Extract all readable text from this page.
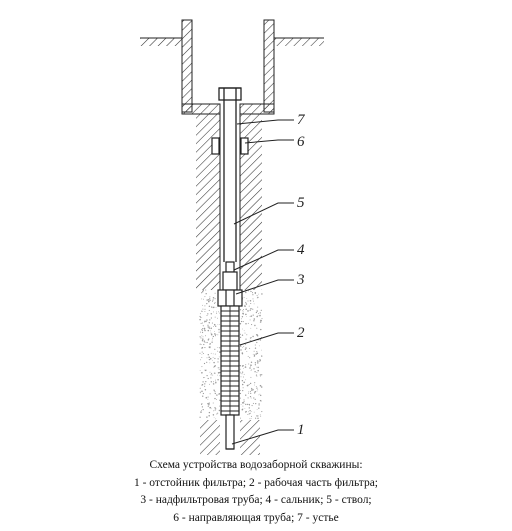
7
6
5
4
3
2
1
Схема устройства водозаборной скважины:
1 - отстойник фильтра; 2 - рабочая часть фильтра;
3 - надфильтровая труба; 4 - сальник; 5 - ствол;
6 - направляющая труба; 7 - устье
